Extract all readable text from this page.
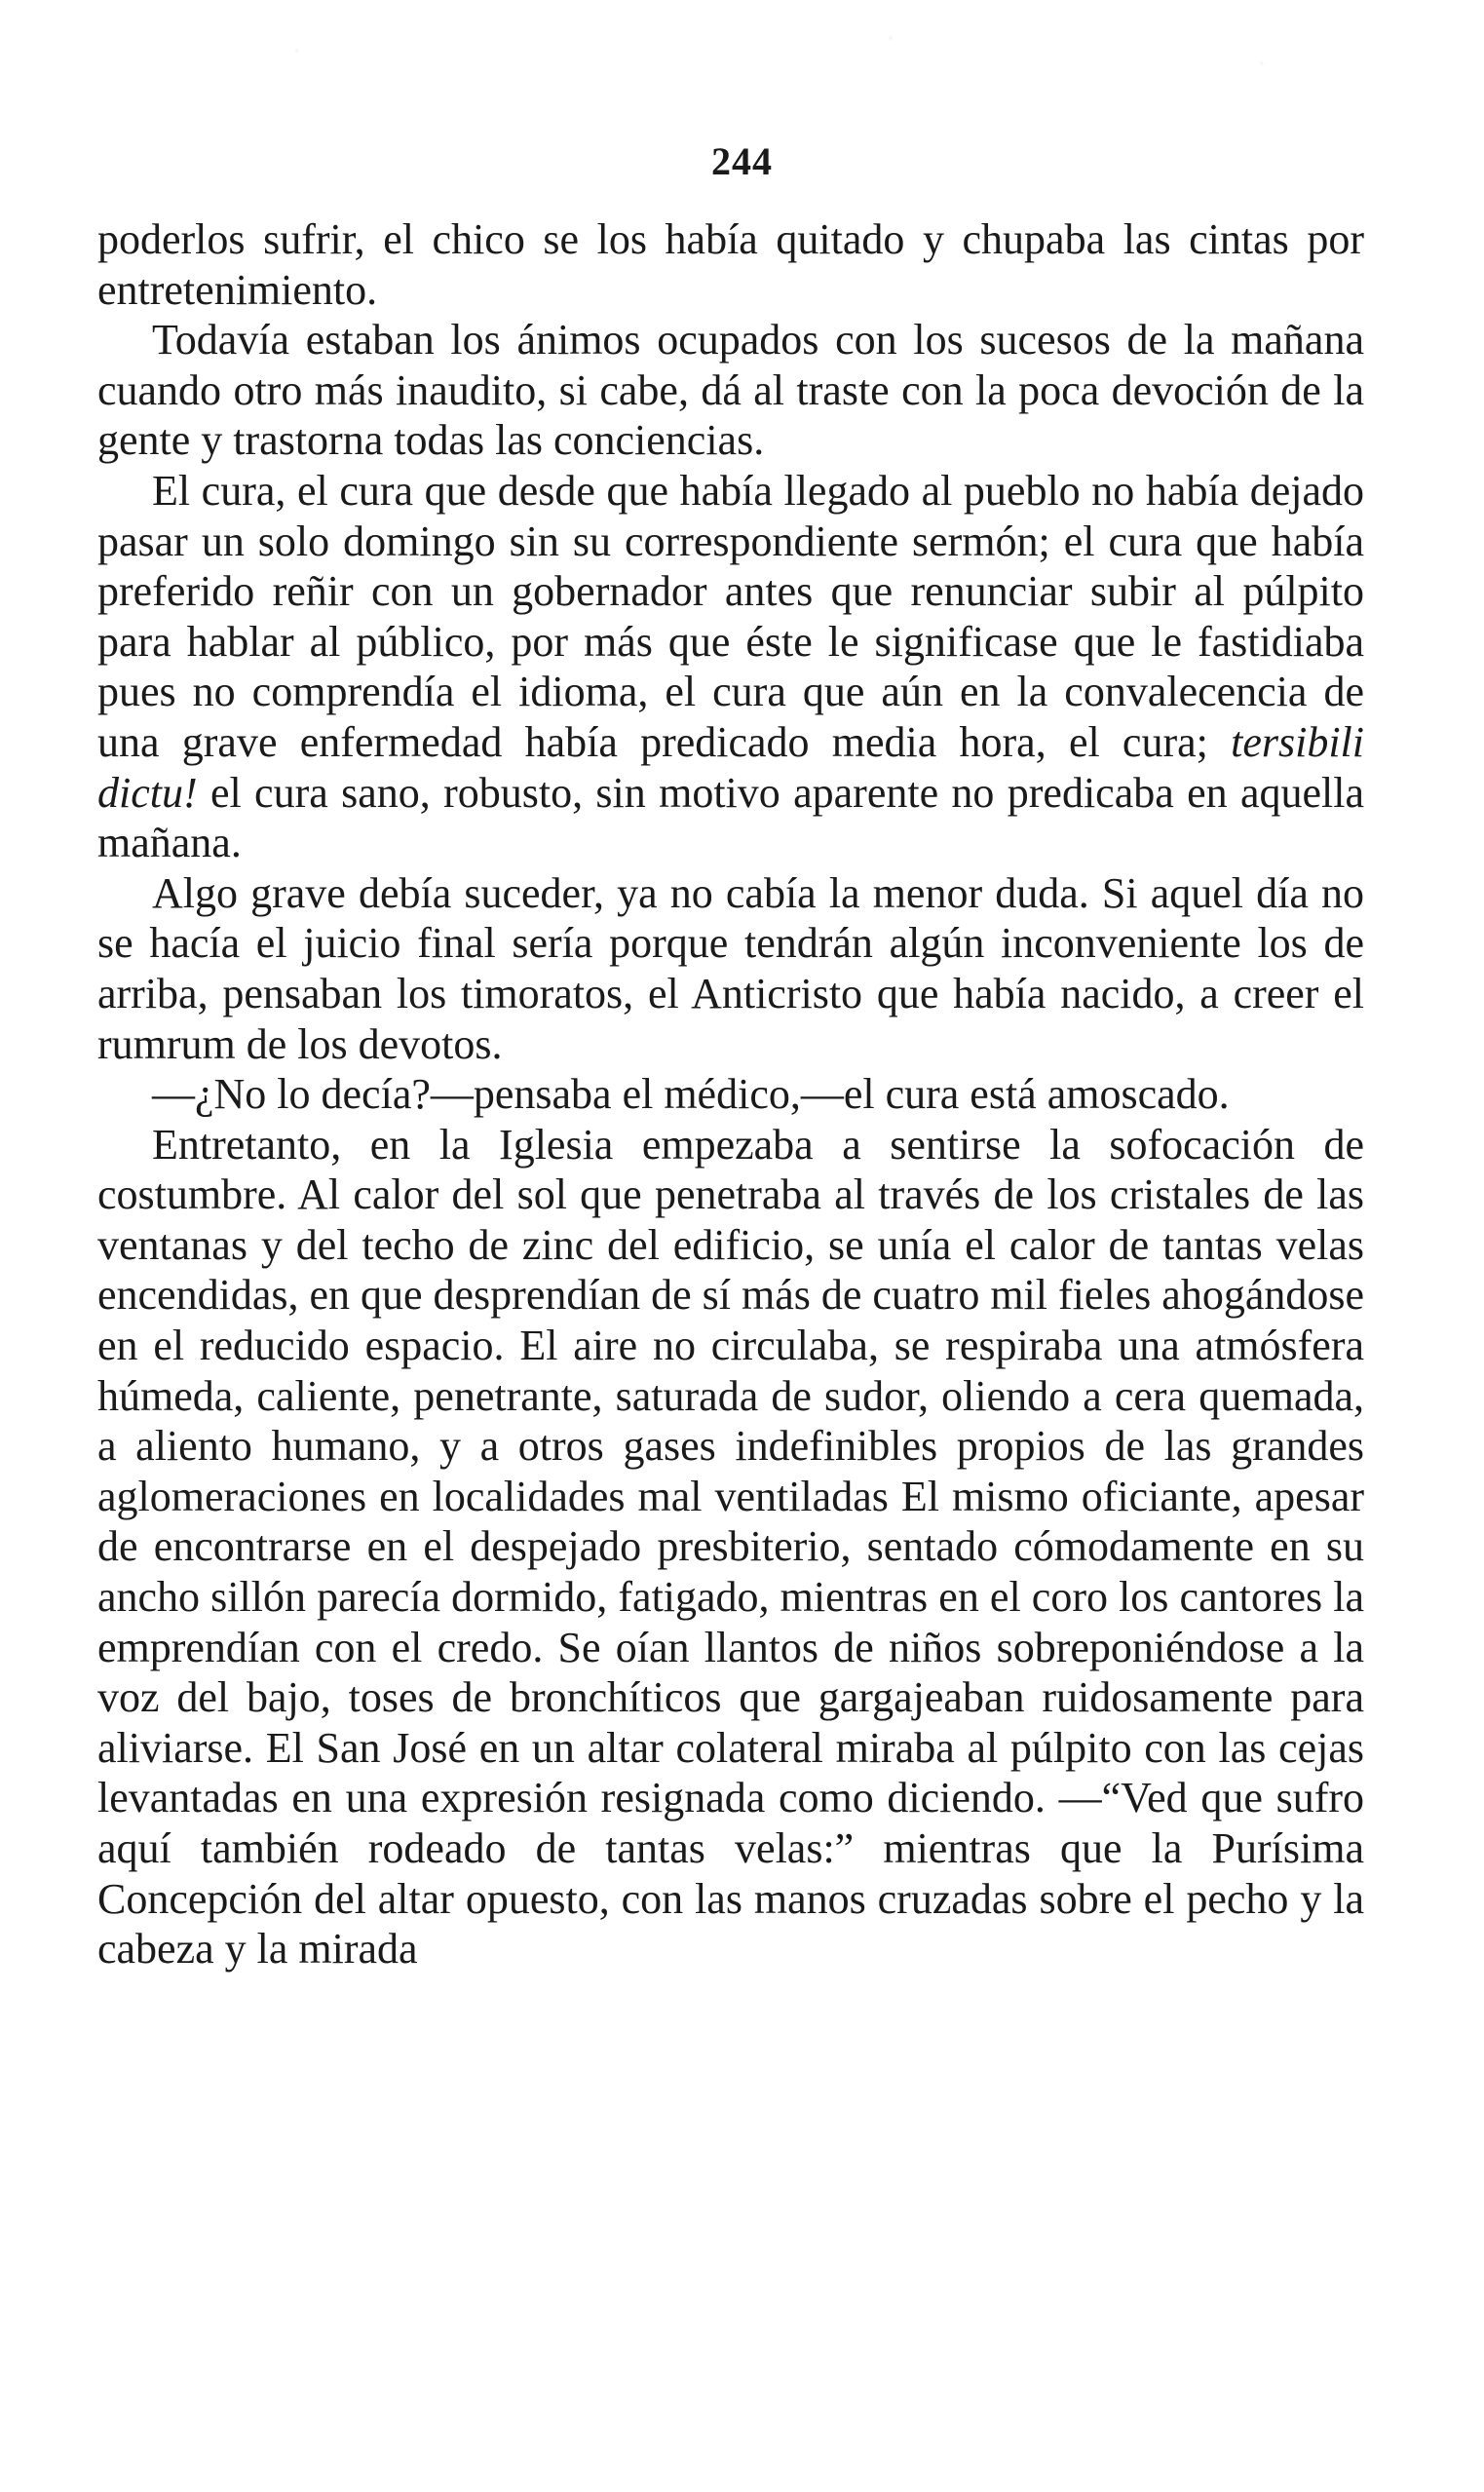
244

poderlos sufrir, el chico se los había quitado y chupaba las cintas por entretenimiento.

Todavía estaban los ánimos ocupados con los sucesos de la mañana cuando otro más inaudito, si cabe, dá al traste con la poca devoción de la gente y trastorna todas las conciencias.

El cura, el cura que desde que había llegado al pueblo no había dejado pasar un solo domingo sin su correspondiente sermón; el cura que había preferido reñir con un gobernador antes que renunciar subir al púlpito para hablar al público, por más que éste le significase que le fastidiaba pues no comprendía el idioma, el cura que aún en la convalecencia de una grave enfermedad había predicado media hora, el cura; tersibili dictu! el cura sano, robusto, sin motivo aparente no predicaba en aquella mañana.

Algo grave debía suceder, ya no cabía la menor duda. Si aquel día no se hacía el juicio final sería porque tendrán algún inconveniente los de arriba, pensaban los timoratos, el Anticristo que había nacido, a creer el rumrum de los devotos.

—¿No lo decía?—pensaba el médico,—el cura está amoscado.

Entretanto, en la Iglesia empezaba a sentirse la sofocación de costumbre. Al calor del sol que penetraba al través de los cristales de las ventanas y del techo de zinc del edificio, se unía el calor de tantas velas encendidas, en que desprendían de sí más de cuatro mil fieles ahogándose en el reducido espacio. El aire no circulaba, se respiraba una atmósfera húmeda, caliente, penetrante, saturada de sudor, oliendo a cera quemada, a aliento humano, y a otros gases indefinibles propios de las grandes aglomeraciones en localidades mal ventiladas El mismo oficiante, apesar de encontrarse en el despejado presbiterio, sentado cómodamente en su ancho sillón parecía dormido, fatigado, mientras en el coro los cantores la emprendían con el credo. Se oían llantos de niños sobreponiéndose a la voz del bajo, toses de bronchíticos que gargajeaban ruidosamente para aliviarse. El San José en un altar colateral miraba al púlpito con las cejas levantadas en una expresión resignada como diciendo. —“Ved que sufro aquí también rodeado de tantas velas:” mientras que la Purísima Concepción del altar opuesto, con las manos cruzadas sobre el pecho y la cabeza y la mirada
